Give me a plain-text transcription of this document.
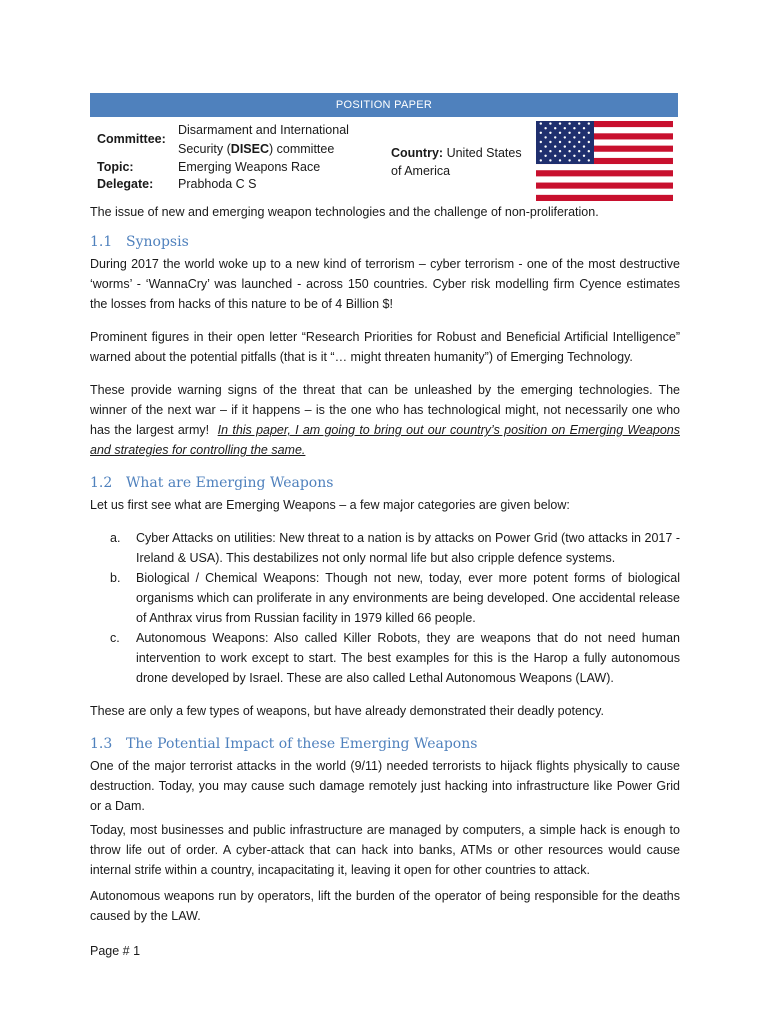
POSITION PAPER
Committee:
Disarmament and International
Security (DISEC) committee
Topic:	Emerging Weapons Race
Delegate: Prabhoda C S
Country: United States
of America
The issue of new and emerging weapon technologies and the challenge of non-proliferation.
1.1 Synopsis

During 2017 the world woke up to a new kind of terrorism – cyber terrorism - one of the most destructive ‘worms’ - ‘WannaCry’ was launched - across 150 countries. Cyber risk modelling firm Cyence estimates the losses from hacks of this nature to be of 4 Billion $!

Prominent figures in their open letter “Research Priorities for Robust and Beneficial Artificial Intelligence” warned about the potential pitfalls (that is it “… might threaten humanity”) of Emerging Technology.

These provide warning signs of the threat that can be unleashed by the emerging technologies. The winner of the next war – if it happens – is the one who has technological might, not necessarily one who has the largest army! In this paper, I am going to bring out our country’s position on Emerging Weapons and strategies for controlling the same.

1.2 What are Emerging Weapons

Let us first see what are Emerging Weapons – a few major categories are given below:

a. Cyber Attacks on utilities: New threat to a nation is by attacks on Power Grid (two attacks in 2017 - Ireland & USA). This destabilizes not only normal life but also cripple defence systems.
b. Biological / Chemical Weapons: Though not new, today, ever more potent forms of biological organisms which can proliferate in any environments are being developed. One accidental release of Anthrax virus from Russian facility in 1979 killed 66 people.
c. Autonomous Weapons: Also called Killer Robots, they are weapons that do not need human intervention to work except to start. The best examples for this is the Harop a fully autonomous drone developed by Israel. These are also called Lethal Autonomous Weapons (LAW).

These are only a few types of weapons, but have already demonstrated their deadly potency.

1.3 The Potential Impact of these Emerging Weapons

One of the major terrorist attacks in the world (9/11) needed terrorists to hijack flights physically to cause destruction. Today, you may cause such damage remotely just hacking into infrastructure like Power Grid or a Dam.

Today, most businesses and public infrastructure are managed by computers, a simple hack is enough to throw life out of order. A cyber-attack that can hack into banks, ATMs or other resources would cause internal strife within a country, incapacitating it, leaving it open for other countries to attack.

Autonomous weapons run by operators, lift the burden of the operator of being responsible for the deaths caused by the LAW.

Page # 1
